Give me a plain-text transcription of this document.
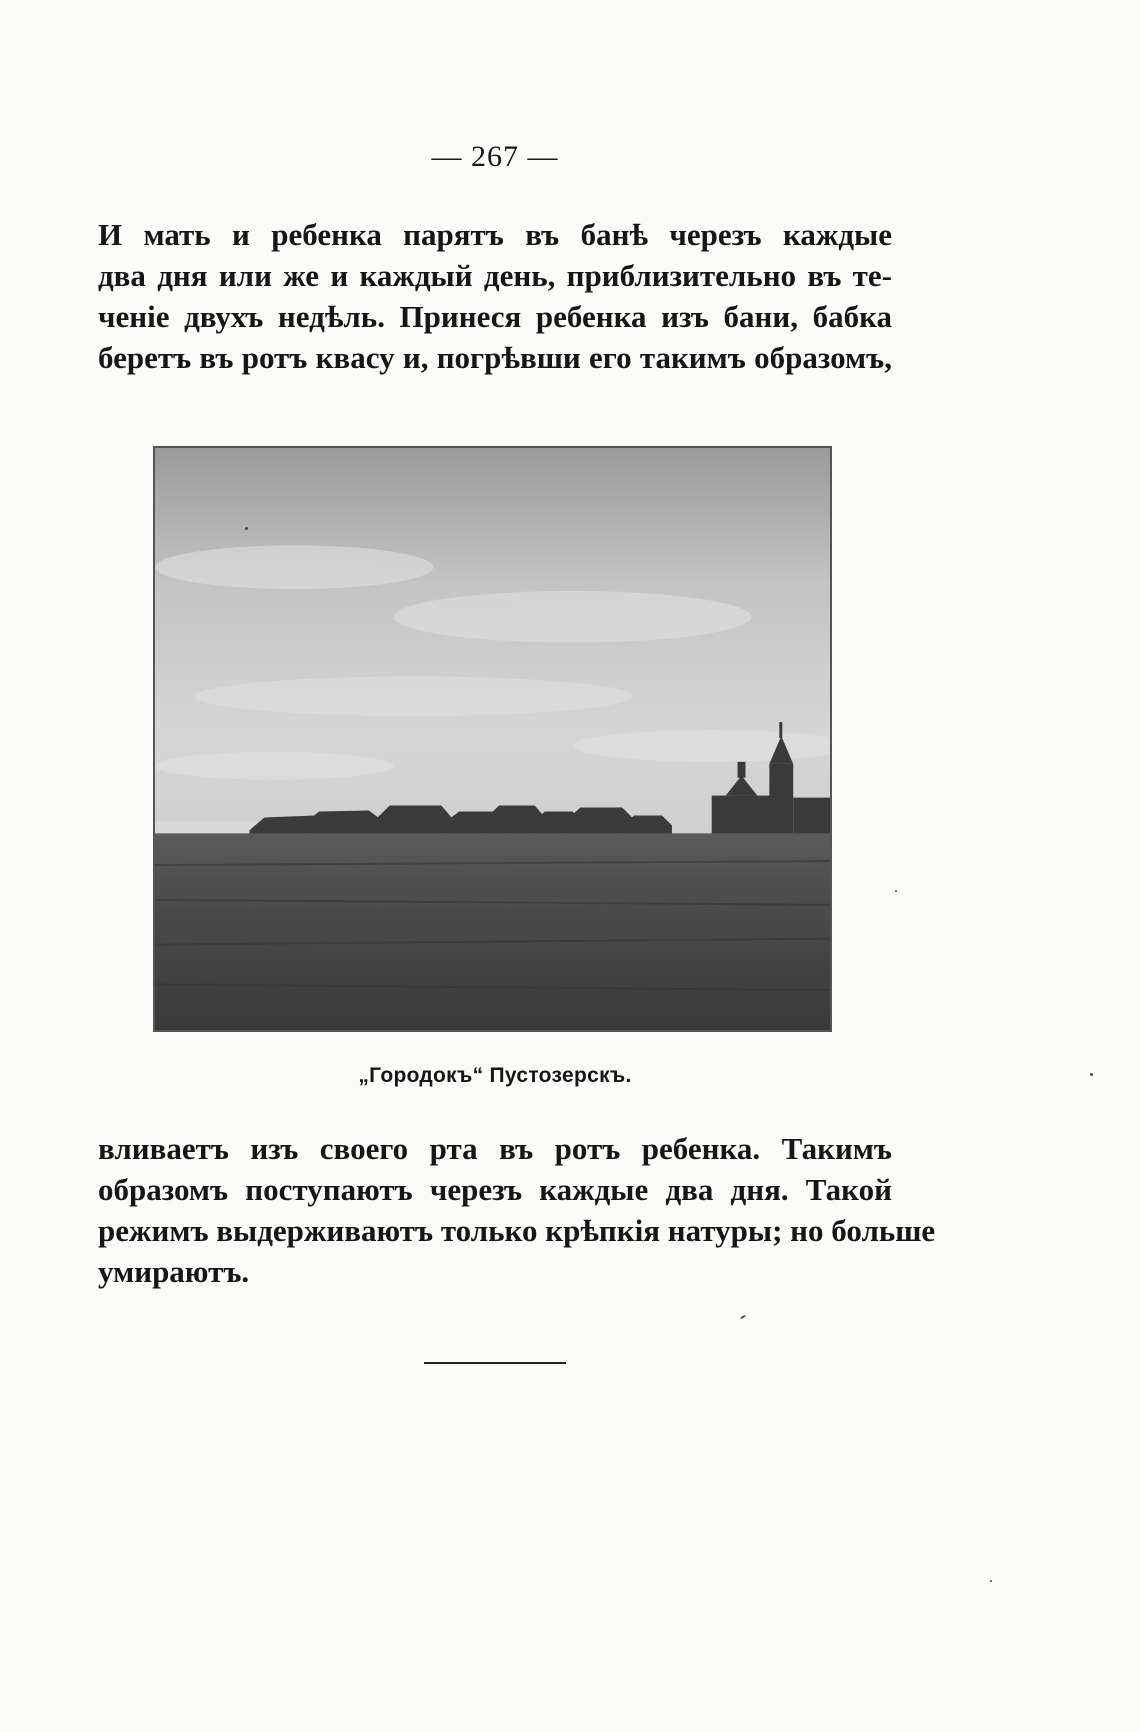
— 267 —
И мать и ребенка парятъ въ банѣ черезъ каждые
два дня или же и каждый день, приблизительно въ те-
ченіе двухъ недѣль. Принеся ребенка изъ бани, бабка
беретъ въ ротъ квасу и, погрѣвши его такимъ образомъ,
„Городокъ“ Пустозерскъ.
вливаетъ изъ своего рта въ ротъ ребенка. Такимъ
образомъ поступаютъ черезъ каждые два дня. Такой
режимъ выдерживаютъ только крѣпкія натуры; но больше
умираютъ.
